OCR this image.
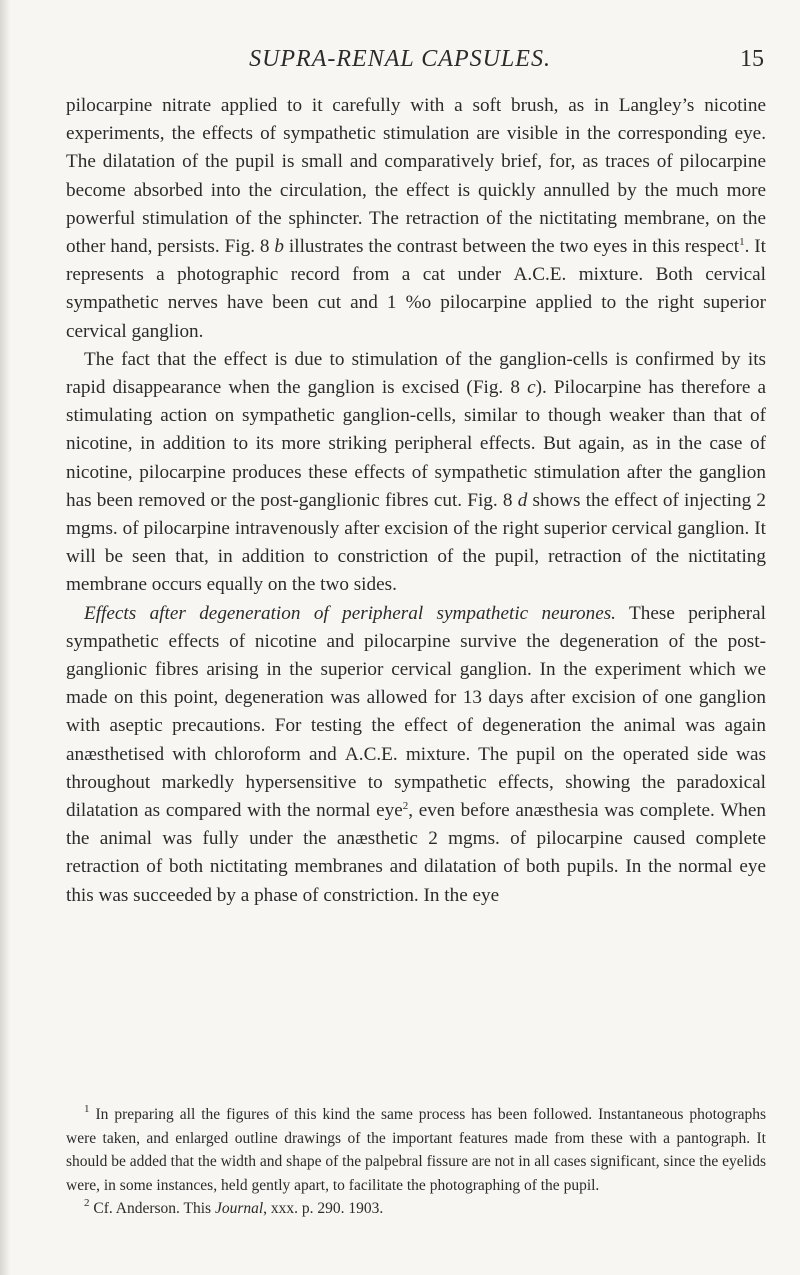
SUPRA-RENAL CAPSULES.	15

pilocarpine nitrate applied to it carefully with a soft brush, as in Langley’s nicotine experiments, the effects of sympathetic stimulation are visible in the corresponding eye. The dilatation of the pupil is small and comparatively brief, for, as traces of pilocarpine become absorbed into the circulation, the effect is quickly annulled by the much more powerful stimulation of the sphincter. The retraction of the nictitating membrane, on the other hand, persists. Fig. 8 b illustrates the contrast between the two eyes in this respect$^1$. It represents a photographic record from a cat under A.C.E. mixture. Both cervical sympathetic nerves have been cut and 1 %o pilocarpine applied to the right superior cervical ganglion.

The fact that the effect is due to stimulation of the ganglion-cells is confirmed by its rapid disappearance when the ganglion is excised (Fig. 8 c). Pilocarpine has therefore a stimulating action on sympathetic ganglion-cells, similar to though weaker than that of nicotine, in addition to its more striking peripheral effects. But again, as in the case of nicotine, pilocarpine produces these effects of sympathetic stimulation after the ganglion has been removed or the post-ganglionic fibres cut. Fig. 8 d shows the effect of injecting 2 mgms. of pilocarpine intravenously after excision of the right superior cervical ganglion. It will be seen that, in addition to constriction of the pupil, retraction of the nictitating membrane occurs equally on the two sides.

Effects after degeneration of peripheral sympathetic neurones. These peripheral sympathetic effects of nicotine and pilocarpine survive the degeneration of the post-ganglionic fibres arising in the superior cervical ganglion. In the experiment which we made on this point, degeneration was allowed for 13 days after excision of one ganglion with aseptic precautions. For testing the effect of degeneration the animal was again anæsthetised with chloroform and A.C.E. mixture. The pupil on the operated side was throughout markedly hypersensitive to sympathetic effects, showing the paradoxical dilatation as compared with the normal eye$^2$, even before anæsthesia was complete. When the animal was fully under the anæsthetic 2 mgms. of pilocarpine caused complete retraction of both nictitating membranes and dilatation of both pupils. In the normal eye this was succeeded by a phase of constriction. In the eye

$^1$ In preparing all the figures of this kind the same process has been followed. Instantaneous photographs were taken, and enlarged outline drawings of the important features made from these with a pantograph. It should be added that the width and shape of the palpebral fissure are not in all cases significant, since the eyelids were, in some instances, held gently apart, to facilitate the photographing of the pupil.

$^2$ Cf. Anderson. This Journal, xxx. p. 290. 1903.
